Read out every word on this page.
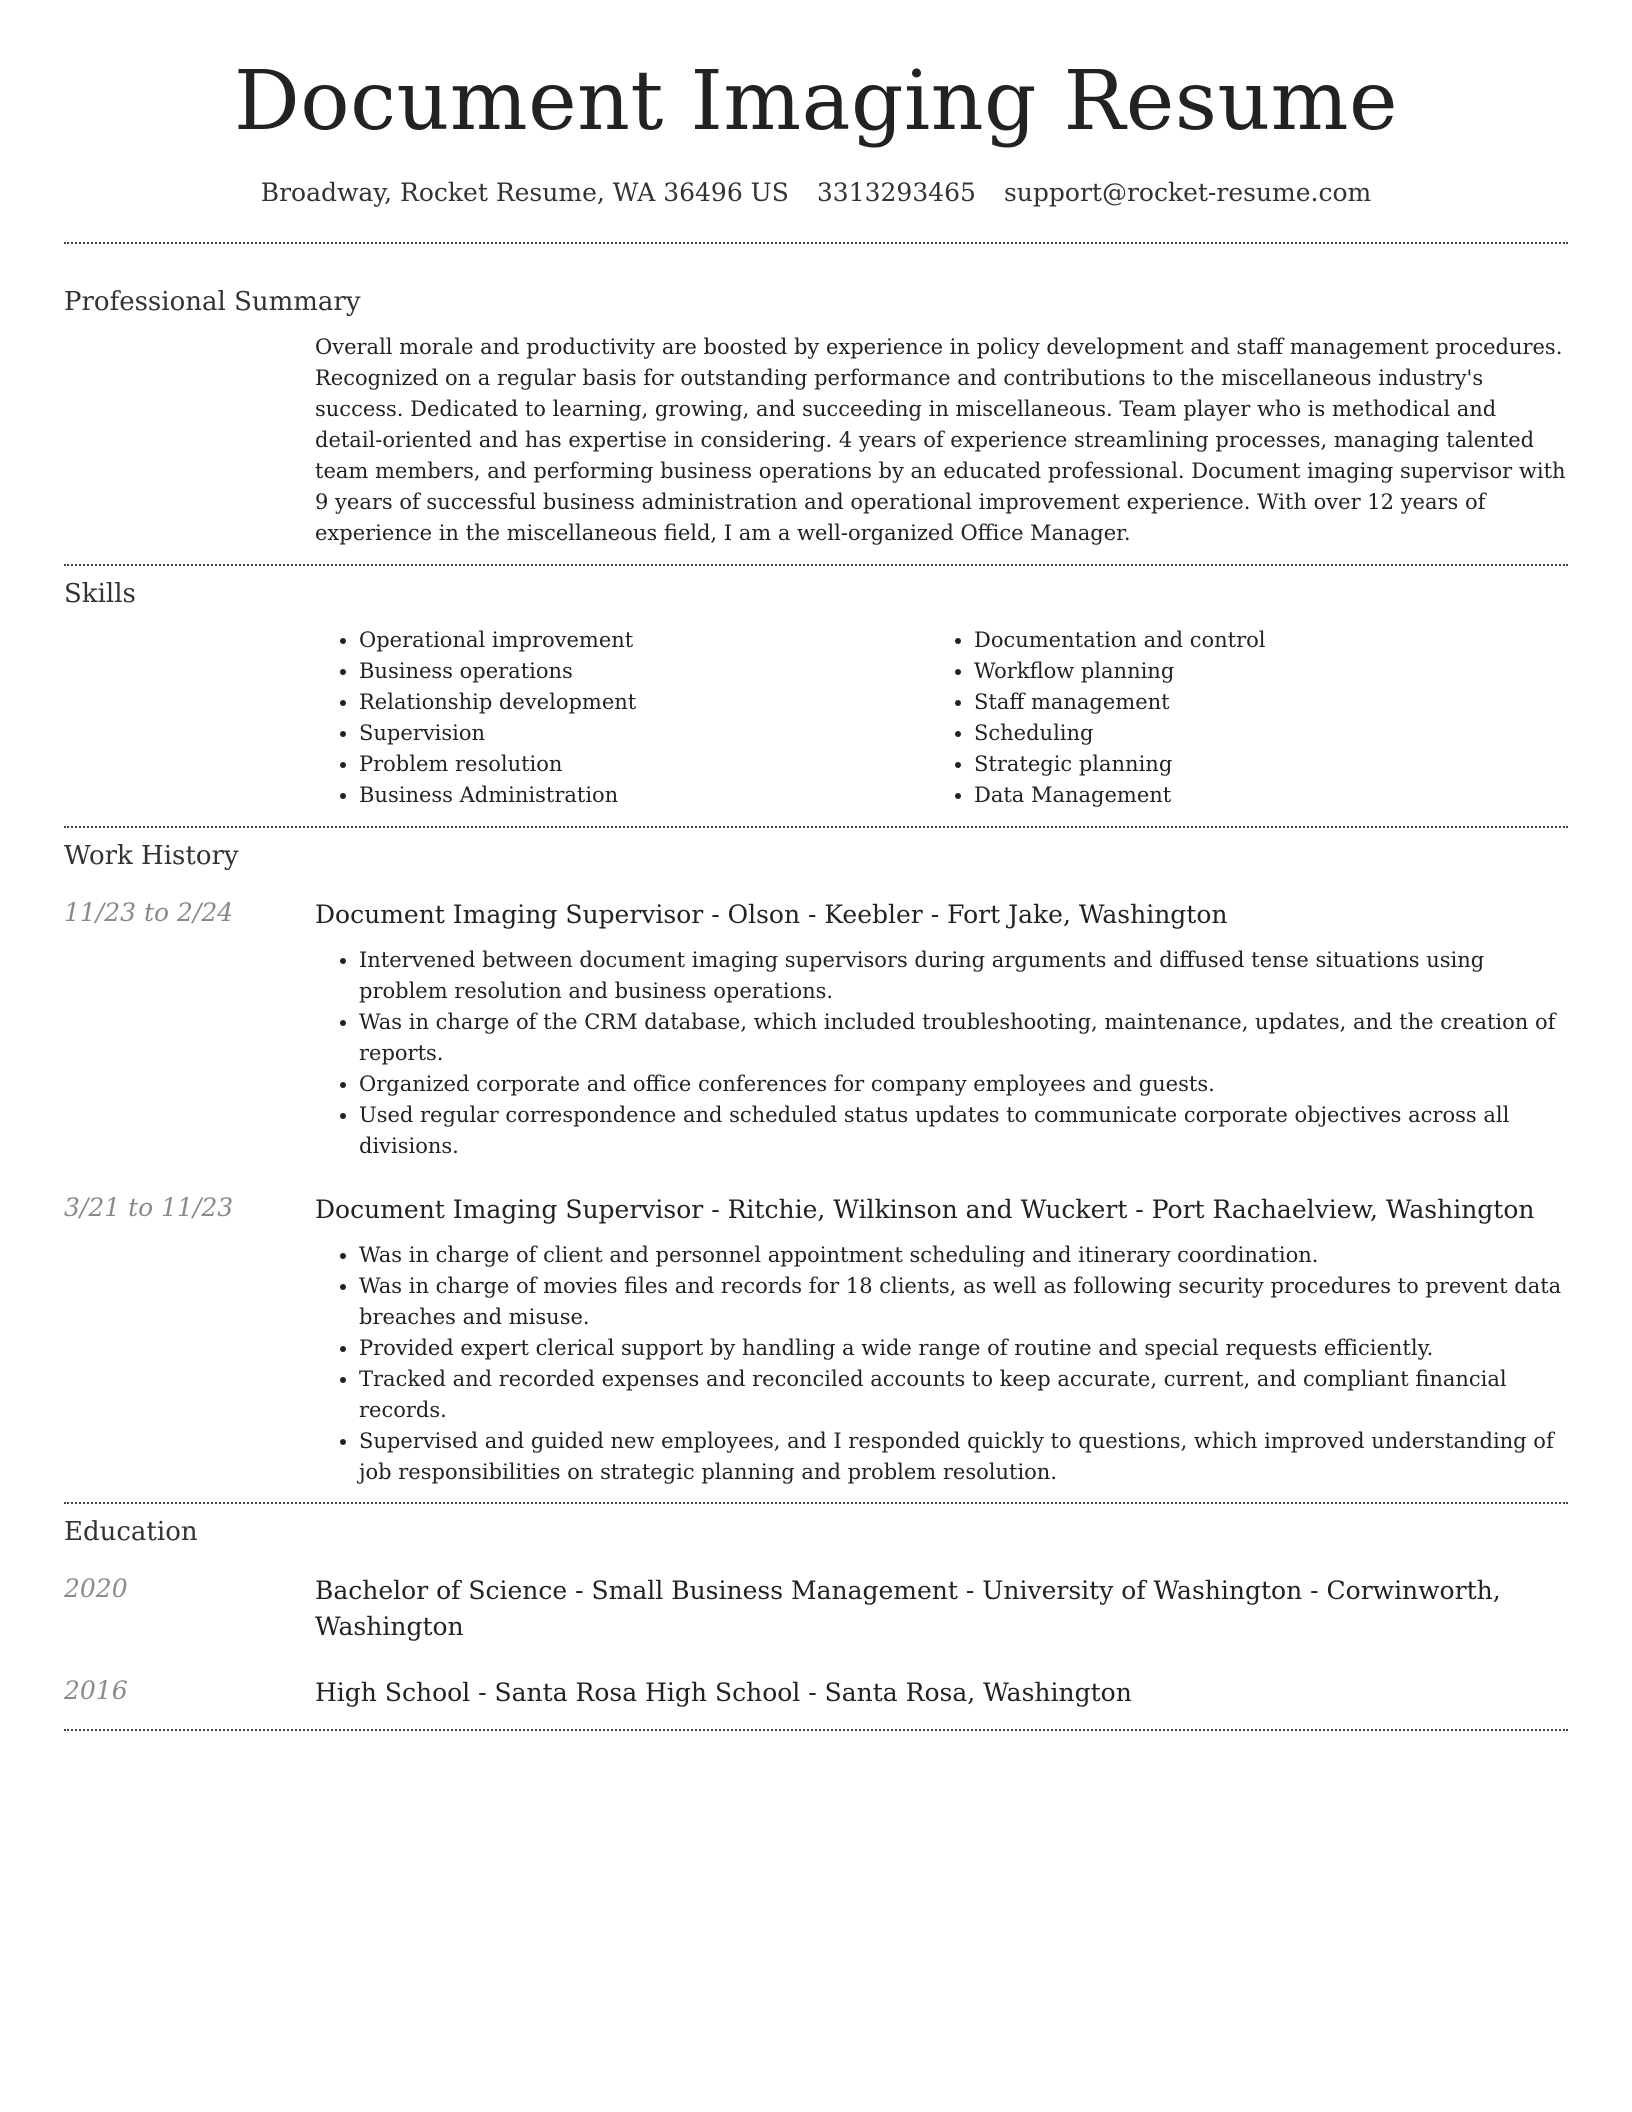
Document Imaging Resume
Broadway, Rocket Resume, WA 36496 US 3313293465 support@rocket-resume.com
Professional Summary

Overall morale and productivity are boosted by experience in policy development and staff management procedures. Recognized on a regular basis for outstanding performance and contributions to the miscellaneous industry's success. Dedicated to learning, growing, and succeeding in miscellaneous. Team player who is methodical and detail-oriented and has expertise in considering. 4 years of experience streamlining processes, managing talented team members, and performing business operations by an educated professional. Document imaging supervisor with 9 years of successful business administration and operational improvement experience. With over 12 years of experience in the miscellaneous field, I am a well-organized Office Manager.

Skills
• Operational improvement
• Business operations
• Relationship development
• Supervision
• Problem resolution
• Business Administration
• Documentation and control
• Workflow planning
• Staff management
• Scheduling
• Strategic planning
• Data Management
Work History
11/23 to 2/24	Document Imaging Supervisor - Olson - Keebler - Fort Jake, Washington
• Intervened between document imaging supervisors during arguments and diffused tense situations using problem resolution and business operations.
• Was in charge of the CRM database, which included troubleshooting, maintenance, updates, and the creation of reports.
• Organized corporate and office conferences for company employees and guests.
• Used regular correspondence and scheduled status updates to communicate corporate objectives across all divisions.
3/21 to 11/23	Document Imaging Supervisor - Ritchie, Wilkinson and Wuckert - Port Rachaelview, Washington
• Was in charge of client and personnel appointment scheduling and itinerary coordination.
• Was in charge of movies files and records for 18 clients, as well as following security procedures to prevent data breaches and misuse.
• Provided expert clerical support by handling a wide range of routine and special requests efficiently.
• Tracked and recorded expenses and reconciled accounts to keep accurate, current, and compliant financial records.
• Supervised and guided new employees, and I responded quickly to questions, which improved understanding of job responsibilities on strategic planning and problem resolution.
Education
2020	Bachelor of Science - Small Business Management - University of Washington - Corwinworth, Washington
2016	High School - Santa Rosa High School - Santa Rosa, Washington
